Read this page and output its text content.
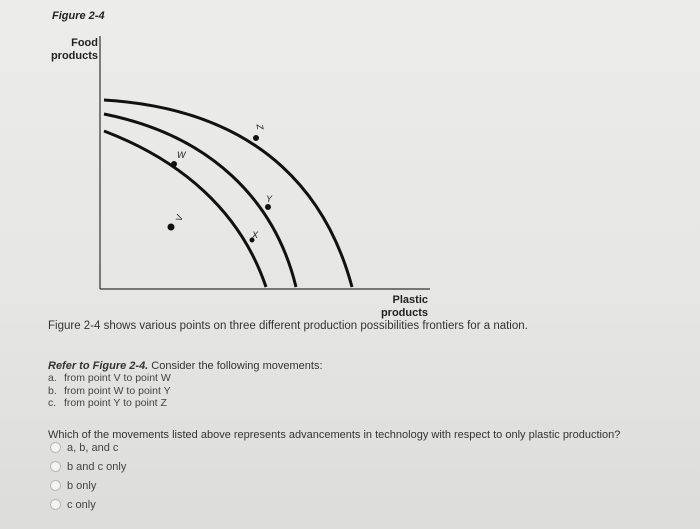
Figure 2-4
Food
products
V
W
X
Y
Z
Plastic
products
Figure 2-4 shows various points on three different production possibilities frontiers for a nation.
Refer to Figure 2-4. Consider the following movements:
a. from point V to point W
b. from point W to point Y
c. from point Y to point Z
Which of the movements listed above represents advancements in technology with respect to only plastic production?
a, b, and c
b and c only
b only
c only
